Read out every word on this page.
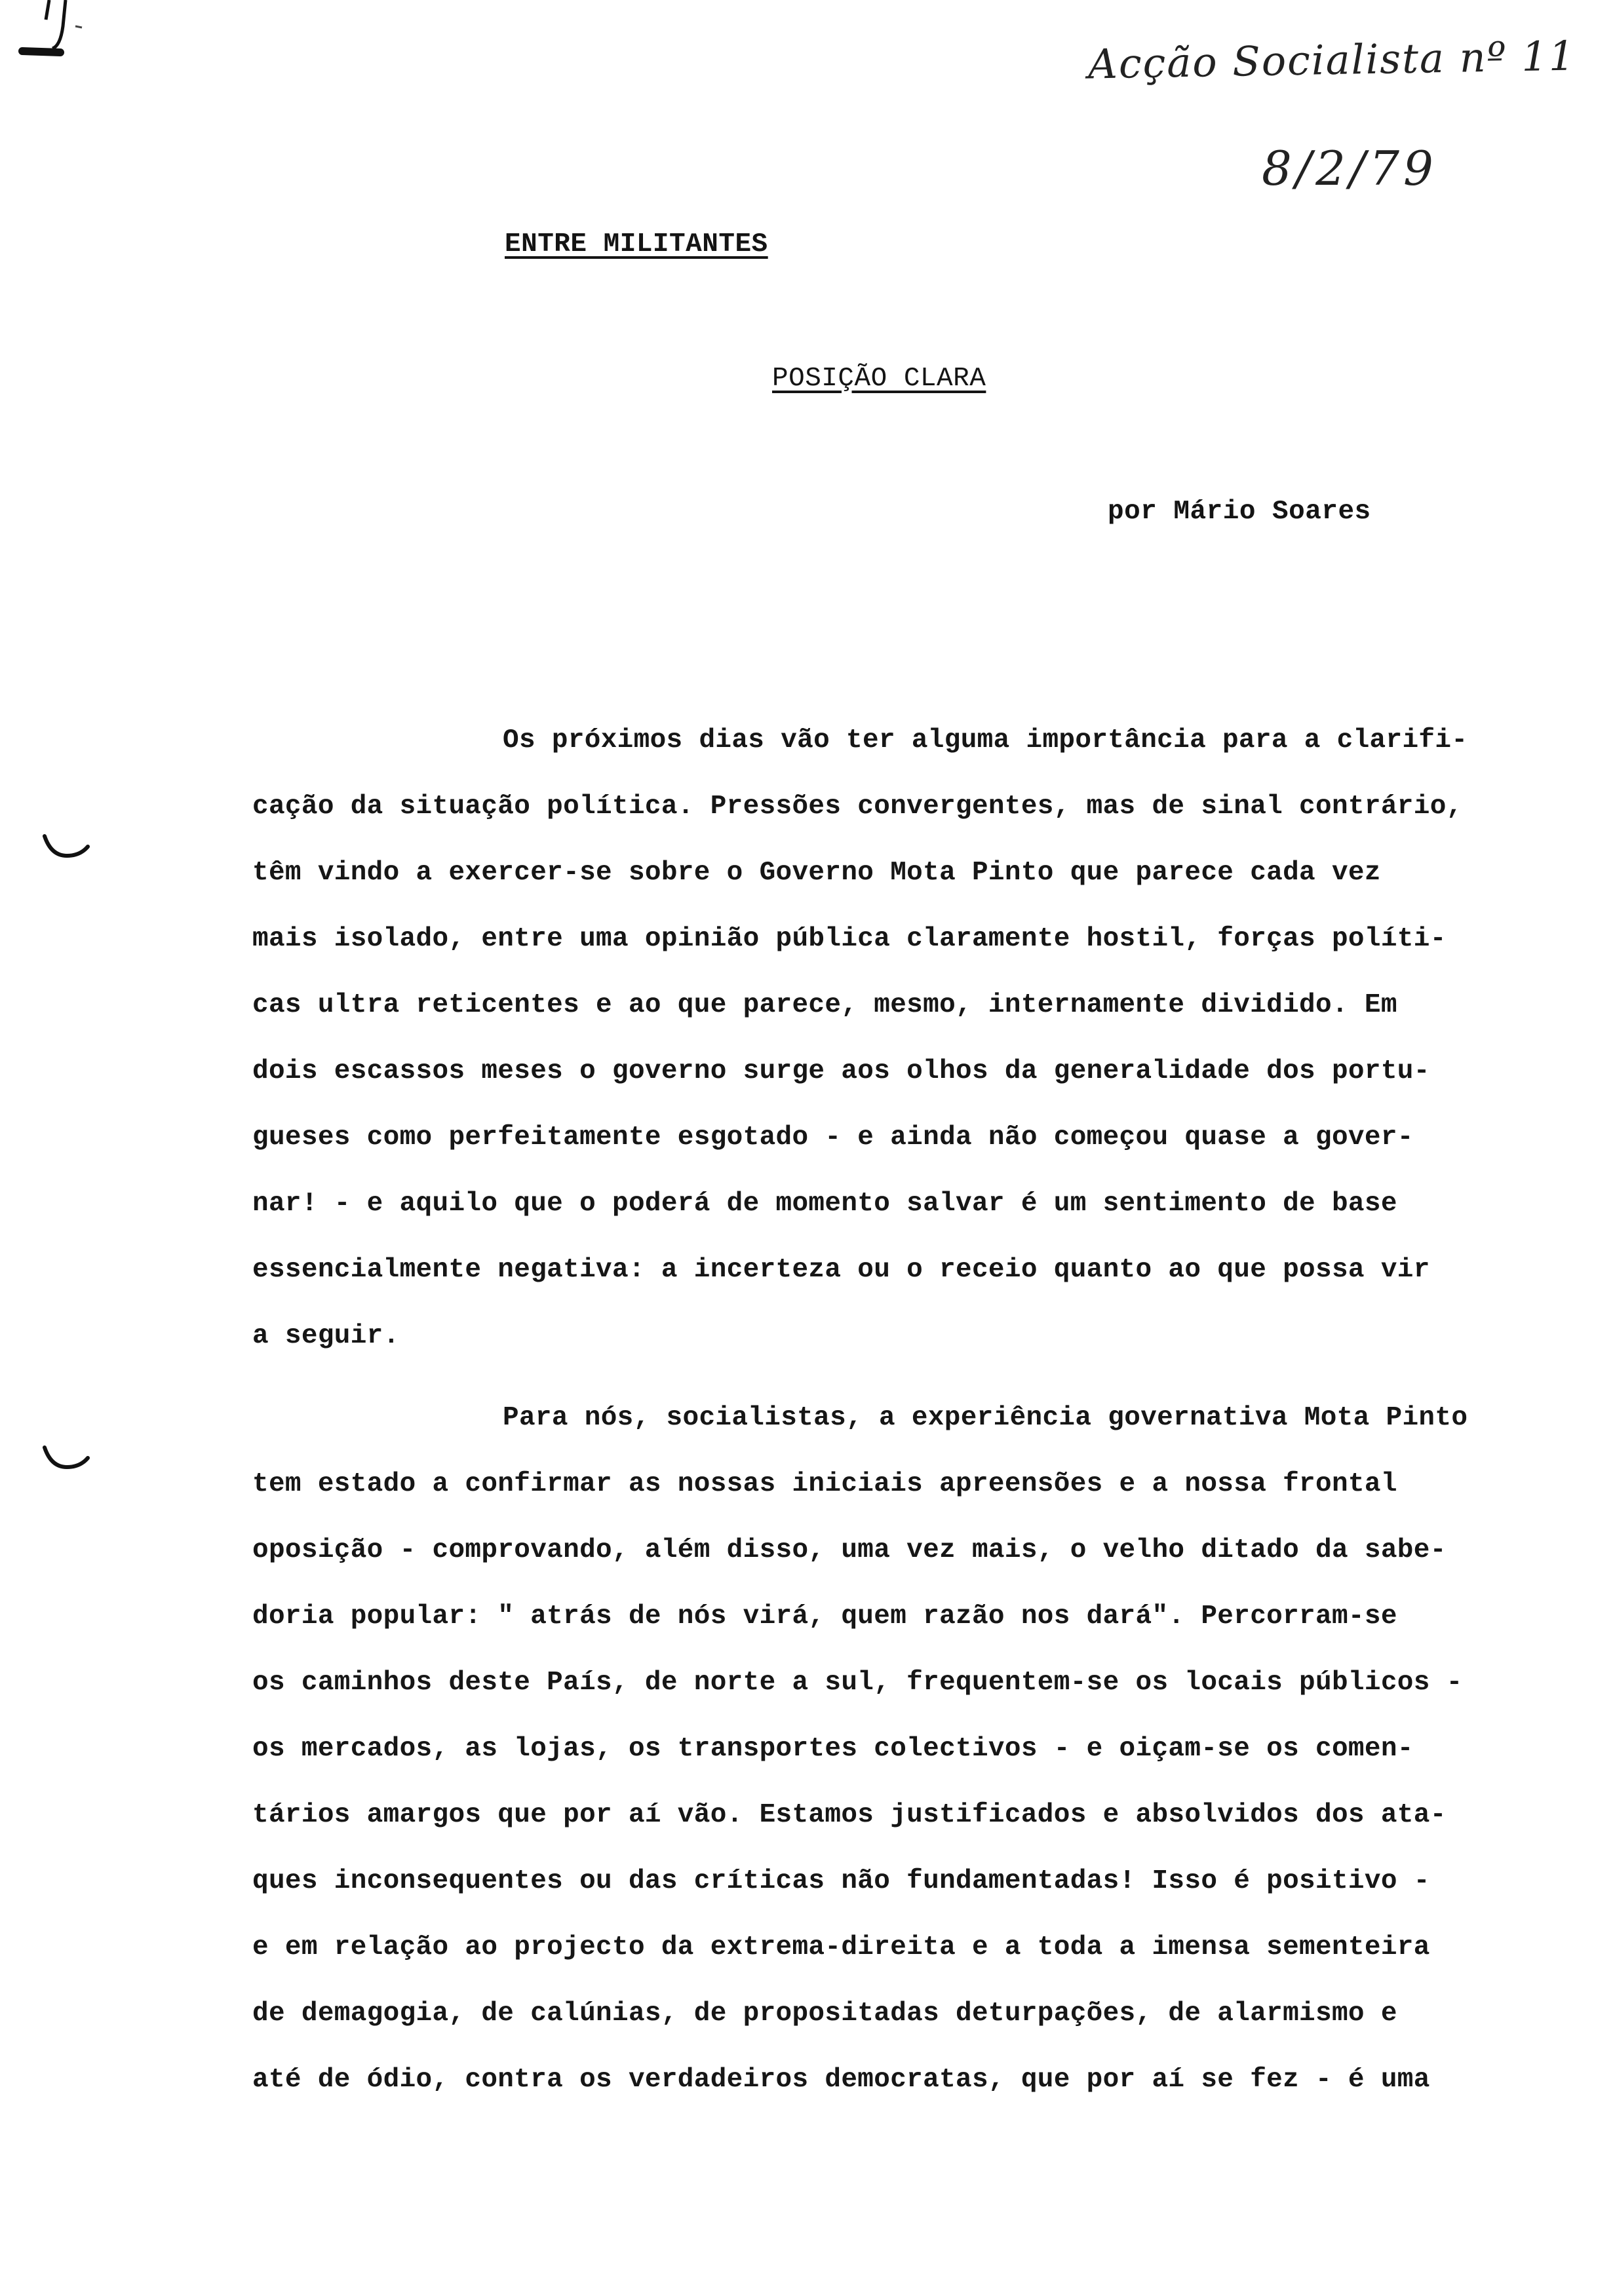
Acção Socialista nº 11
8/2/79
ENTRE MILITANTES
POSIÇÃO CLARA
por Mário Soares
Os próximos dias vão ter alguma importância para a clarifi-
cação da situação política. Pressões convergentes, mas de sinal contrário,
têm vindo a exercer-se sobre o Governo Mota Pinto que parece cada vez
mais isolado, entre uma opinião pública claramente hostil, forças políti-
cas ultra reticentes e ao que parece, mesmo, internamente dividido. Em
dois escassos meses o governo surge aos olhos da generalidade dos portu-
gueses como perfeitamente esgotado - e ainda não começou quase a gover-
nar! - e aquilo que o poderá de momento salvar é um sentimento de base
essencialmente negativa: a incerteza ou o receio quanto ao que possa vir
a seguir.
Para nós, socialistas, a experiência governativa Mota Pinto
tem estado a confirmar as nossas iniciais apreensões e a nossa frontal
oposição - comprovando, além disso, uma vez mais, o velho ditado da sabe-
doria popular: " atrás de nós virá, quem razão nos dará". Percorram-se
os caminhos deste País, de norte a sul, frequentem-se os locais públicos -
os mercados, as lojas, os transportes colectivos - e oiçam-se os comen-
tários amargos que por aí vão. Estamos justificados e absolvidos dos ata-
ques inconsequentes ou das críticas não fundamentadas! Isso é positivo -
e em relação ao projecto da extrema-direita e a toda a imensa sementeira
de demagogia, de calúnias, de propositadas deturpações, de alarmismo e
até de ódio, contra os verdadeiros democratas, que por aí se fez - é uma
